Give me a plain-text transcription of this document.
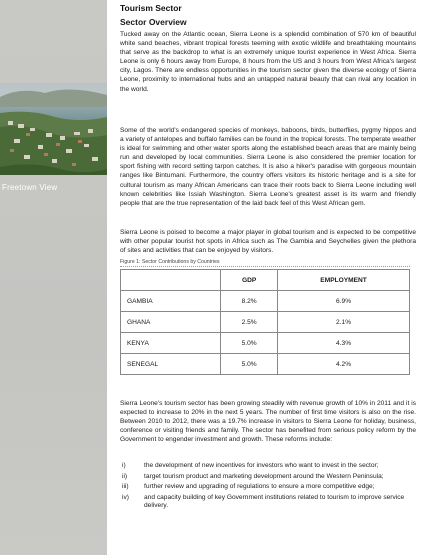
Freetown View
Tourism Sector
Sector Overview
Tucked away on the Atlantic ocean, Sierra Leone is a splendid combination of 570 km of beautiful white sand beaches, vibrant tropical forests teeming with exotic wildlife and breathtaking mountains that serve as the backdrop to what is an extremely unique tourist experience in West Africa. Sierra Leone is only 6 hours away from Europe, 8 hours from the US and 3 hours from West Africa's largest city, Lagos. There are endless opportunities in the tourism sector given the diverse ecology of Sierra Leone, proximity to international hubs and an untapped natural beauty that can rival any location in the world.
Some of the world's endangered species of monkeys, baboons, birds, butterflies, pygmy hippos and a variety of antelopes and buffalo families can be found in the tropical forests. The temperate weather is ideal for swimming and other water sports along the established beach areas that are mainly being run and developed by local communities. Sierra Leone is also considered the premier location for sport fishing with record setting tarpon catches. It is also a hiker's paradise with gorgeous mountain ranges like Bintumani. Furthermore, the country offers visitors its historic heritage and is a site for cultural tourism as many African Americans can trace their roots back to Sierra Leone including well known celebrities like Issiah Washington. Sierra Leone's greatest asset is its warm and friendly people that are the true representation of the laid back feel of this West African gem.
Sierra Leone is poised to become a major player in global tourism and is expected to be competitive with other popular tourist hot spots in Africa such as The Gambia and Seychelles given the plethora of sites and activities that can be enjoyed by visitors.
Figure 1: Sector Contributions by Countries
	GDP	EMPLOYMENT
GAMBIA	8.2%	6.9%
GHANA	2.5%	2.1%
KENYA	5.0%	4.3%
SENEGAL	5.0%	4.2%
Sierra Leone's tourism sector has been growing steadily with revenue growth of 10% in 2011 and it is expected to increase to 20% in the next 5 years. The number of first time visitors is also on the rise. Between 2010 to 2012, there was a 19.7% increase in visitors to Sierra Leone for holiday, business, conference or visiting friends and family. The sector has benefited from serious policy reform by the Government to engender investment and growth. These reforms include:
i)	the development of new incentives for investors who want to invest in the sector;
ii)	target tourism product and marketing development around the Western Peninsula;
iii)	further review and upgrading of regulations to ensure a more competitive edge;
iv)	and capacity building of key Government institutions related to tourism to improve service delivery.
